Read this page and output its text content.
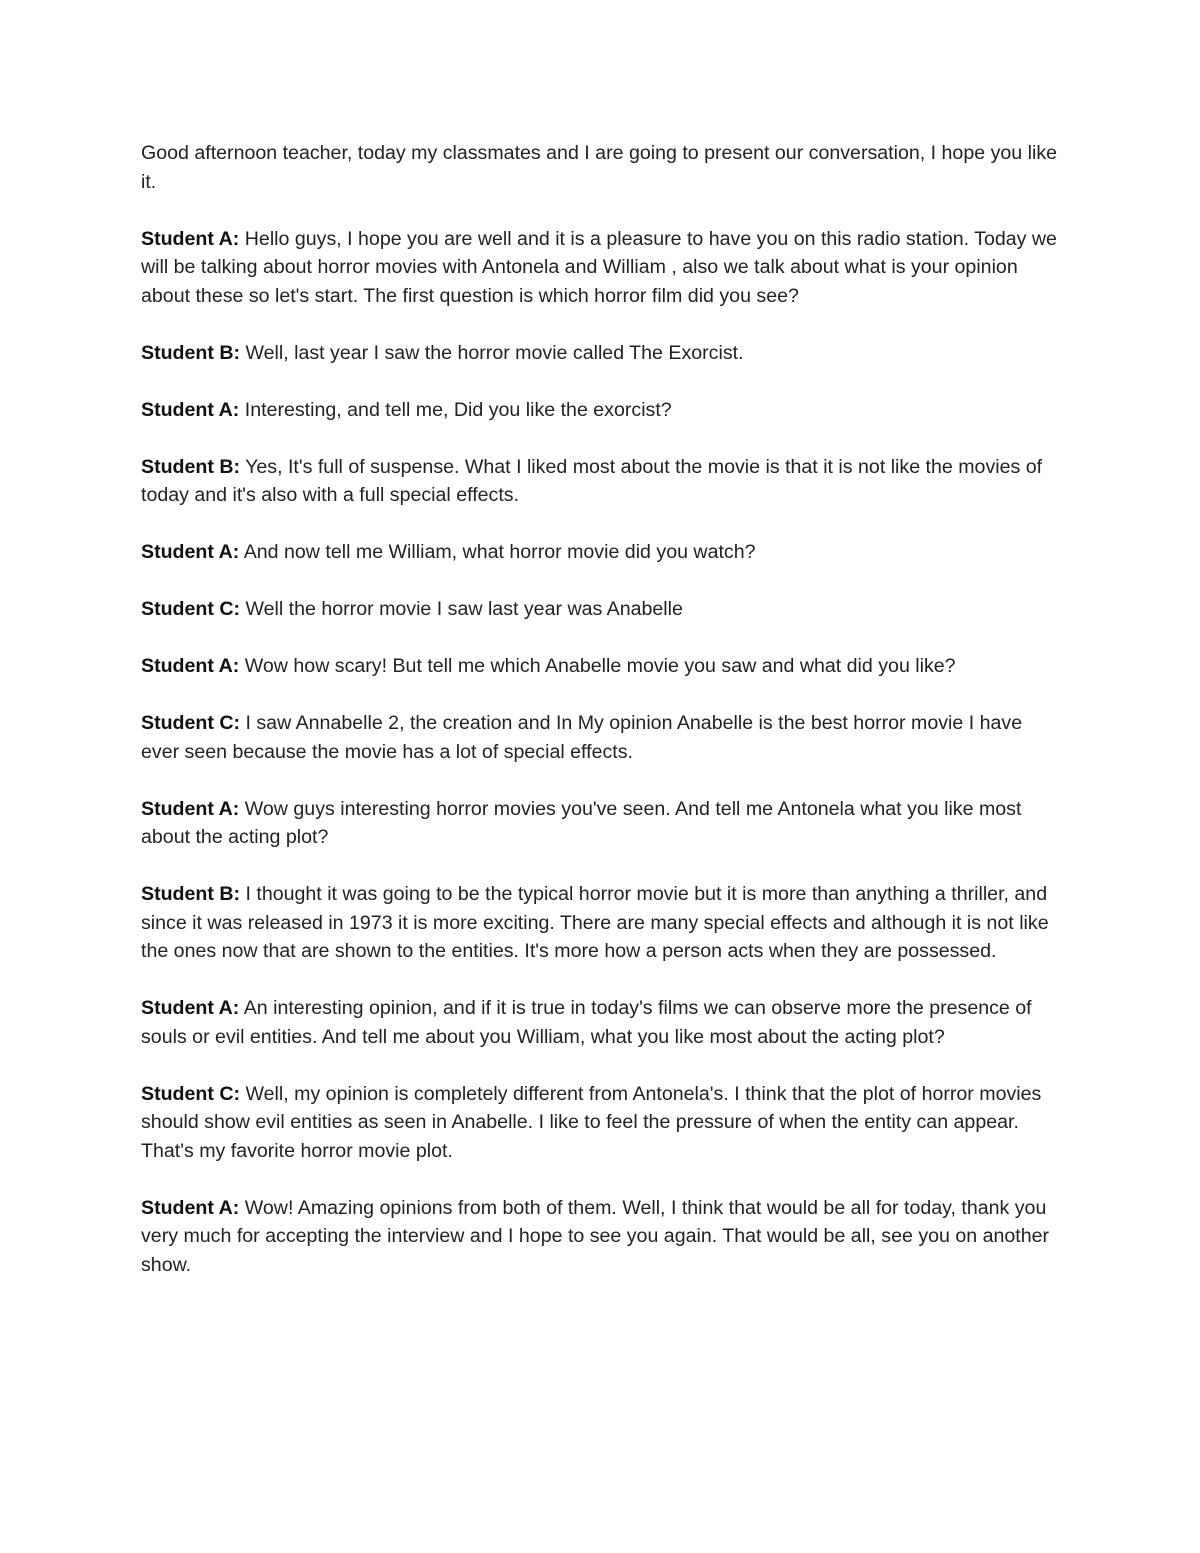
Good afternoon teacher, today my classmates and I are going to present our conversation, I hope you like it.

Student A: Hello guys, I hope you are well and it is a pleasure to have you on this radio station. Today we will be talking about horror movies with Antonela and William , also we talk about what is your opinion about these so let's start. The first question is which horror film did you see?

Student B: Well, last year I saw the horror movie called The Exorcist.

Student A: Interesting, and tell me, Did you like the exorcist?

Student B: Yes, It's full of suspense. What I liked most about the movie is that it is not like the movies of today and it's also with a full special effects.

Student A: And now tell me William, what horror movie did you watch?

Student C: Well the horror movie I saw last year was Anabelle

Student A: Wow how scary! But tell me which Anabelle movie you saw and what did you like?

Student C: I saw Annabelle 2, the creation and In My opinion Anabelle is the best horror movie I have ever seen because the movie has a lot of special effects.

Student A: Wow guys interesting horror movies you've seen. And tell me Antonela what you like most about the acting plot?

Student B: I thought it was going to be the typical horror movie but it is more than anything a thriller, and since it was released in 1973 it is more exciting. There are many special effects and although it is not like the ones now that are shown to the entities. It's more how a person acts when they are possessed.

Student A: An interesting opinion, and if it is true in today's films we can observe more the presence of souls or evil entities. And tell me about you William, what you like most about the acting plot?

Student C: Well, my opinion is completely different from Antonela's. I think that the plot of horror movies should show evil entities as seen in Anabelle. I like to feel the pressure of when the entity can appear. That's my favorite horror movie plot.

Student A: Wow! Amazing opinions from both of them. Well, I think that would be all for today, thank you very much for accepting the interview and I hope to see you again. That would be all, see you on another show.
